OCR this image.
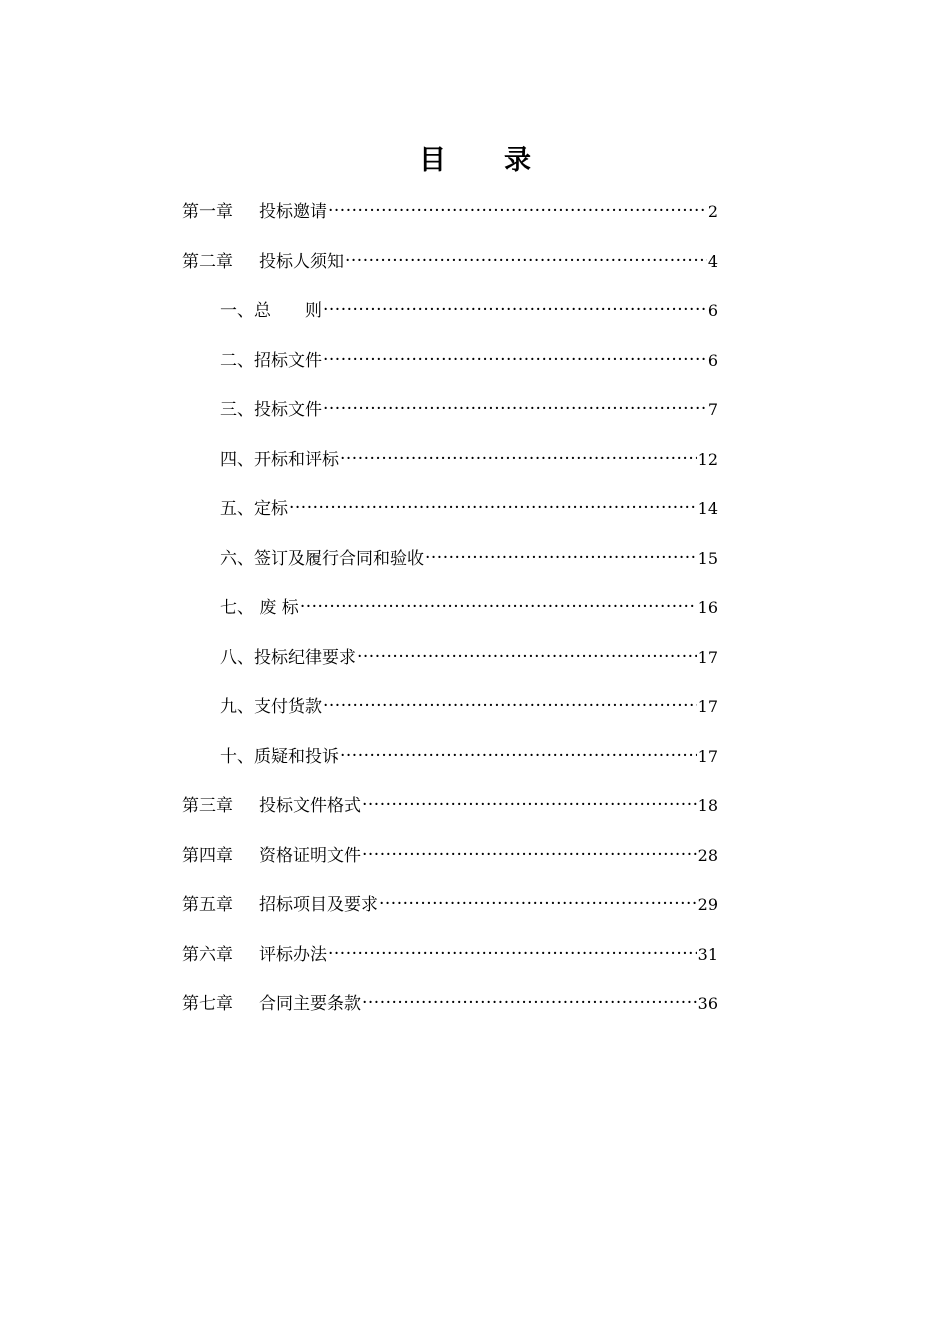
目 录
第一章	投标邀请 ·····	2
第二章	投标人须知 ·····	4
一、总　　则 ·····	6
二、招标文件 ·····	6
三、投标文件 ·····	7
四、开标和评标 ·····	12
五、定标 ·····	14
六、签订及履行合同和验收 ·····	15
七、 废 标 ·····	16
八、投标纪律要求 ·····	17
九、支付货款 ·····	17
十、质疑和投诉 ·····	17
第三章	投标文件格式 ·····	18
第四章	资格证明文件 ·····	28
第五章	招标项目及要求 ·····	29
第六章	评标办法 ·····	31
第七章	合同主要条款 ·····	36
